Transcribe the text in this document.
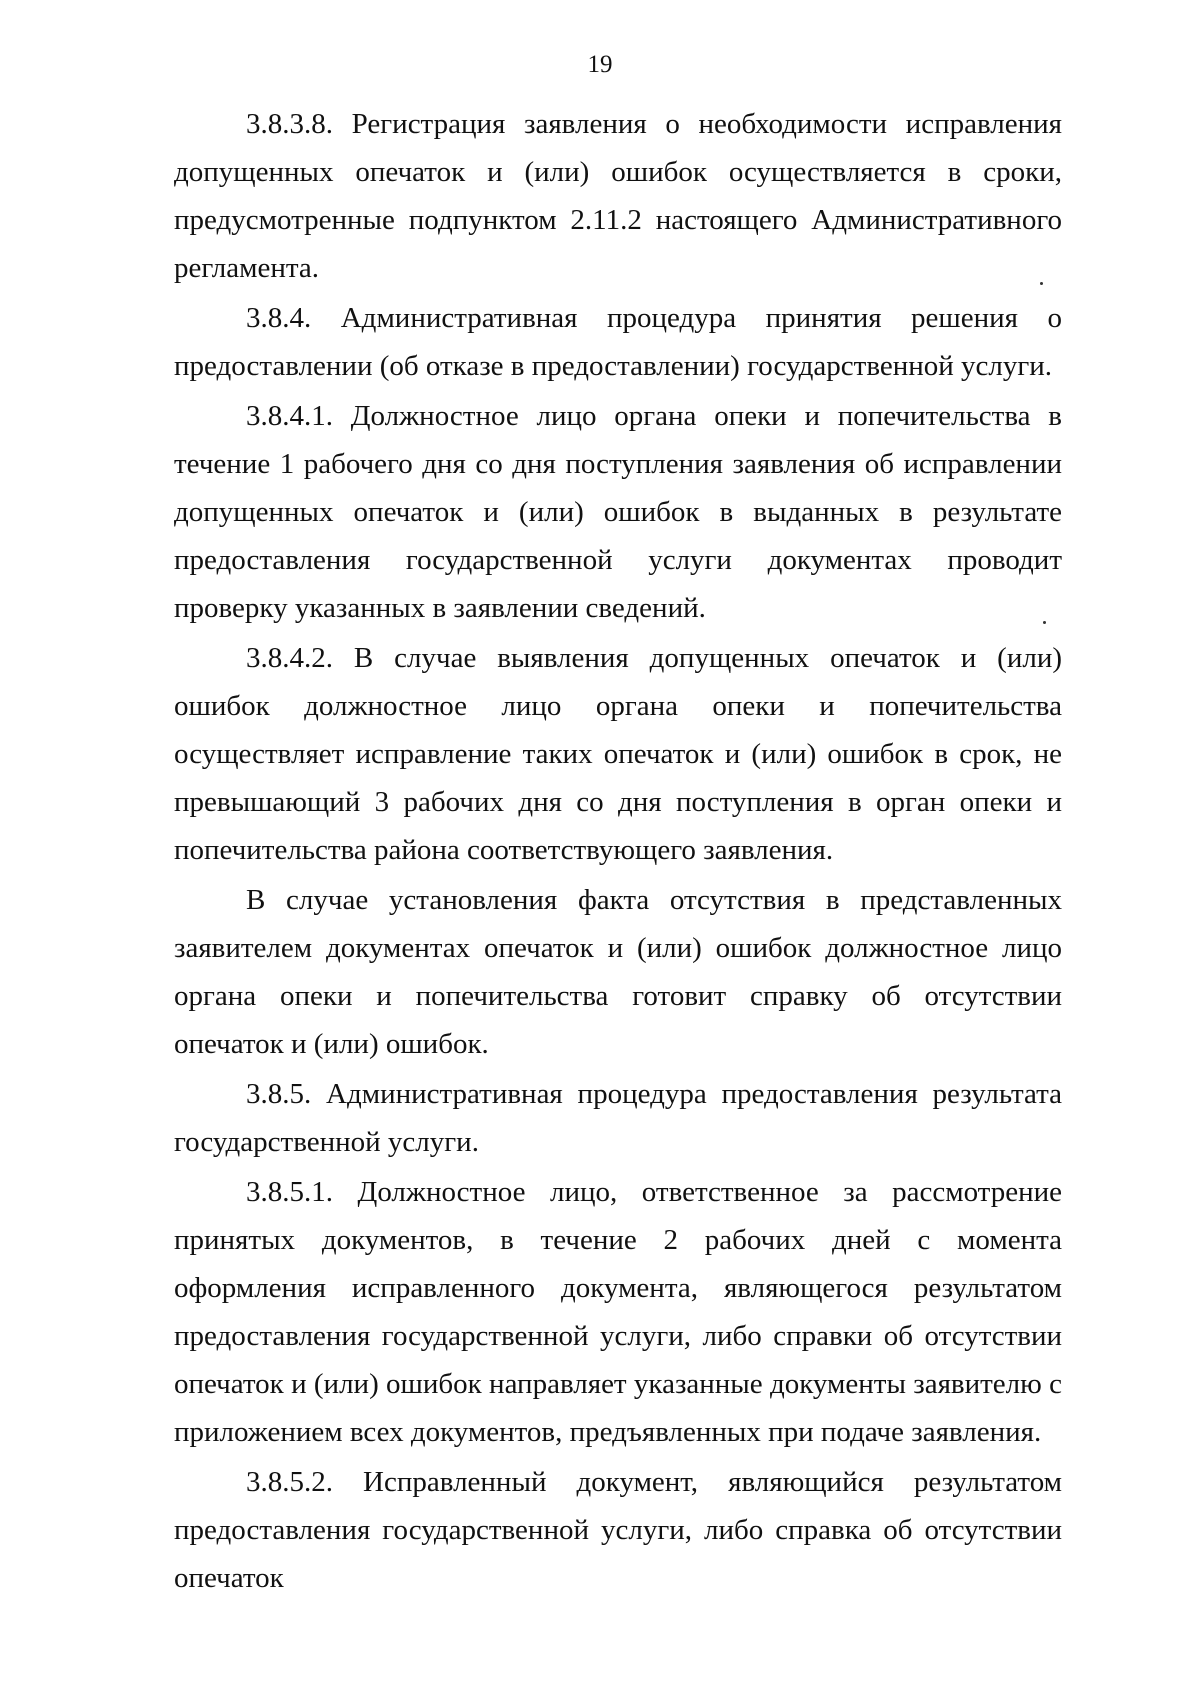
19

3.8.3.8. Регистрация заявления о необходимости исправления допущенных опечаток и (или) ошибок осуществляется в сроки, предусмотренные подпунктом 2.11.2 настоящего Административного регламента.

3.8.4. Административная процедура принятия решения о предоставлении (об отказе в предоставлении) государственной услуги.

3.8.4.1. Должностное лицо органа опеки и попечительства в течение 1 рабочего дня со дня поступления заявления об исправлении допущенных опечаток и (или) ошибок в выданных в результате предоставления государственной услуги документах проводит проверку указанных в заявлении сведений.

3.8.4.2. В случае выявления допущенных опечаток и (или) ошибок должностное лицо органа опеки и попечительства осуществляет исправление таких опечаток и (или) ошибок в срок, не превышающий 3 рабочих дня со дня поступления в орган опеки и попечительства района соответствующего заявления.

В случае установления факта отсутствия в представленных заявителем документах опечаток и (или) ошибок должностное лицо органа опеки и попечительства готовит справку об отсутствии опечаток и (или) ошибок.

3.8.5. Административная процедура предоставления результата государственной услуги.

3.8.5.1. Должностное лицо, ответственное за рассмотрение принятых документов, в течение 2 рабочих дней с момента оформления исправленного документа, являющегося результатом предоставления государственной услуги, либо справки об отсутствии опечаток и (или) ошибок направляет указанные документы заявителю с приложением всех документов, предъявленных при подаче заявления.

3.8.5.2. Исправленный документ, являющийся результатом предоставления государственной услуги, либо справка об отсутствии опечаток
